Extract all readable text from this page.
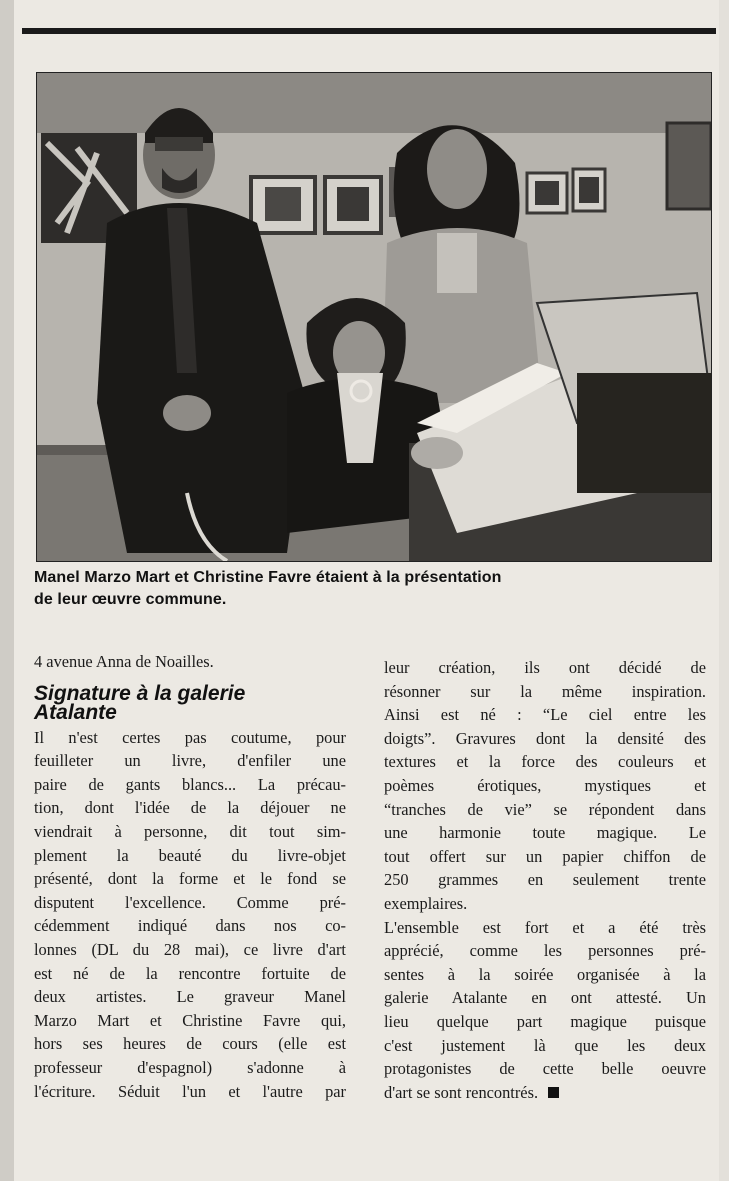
Manel Marzo Mart et Christine Favre étaient à la présentation
de leur œuvre commune.
4 avenue Anna de Noailles.
Signature à la galerie
Atalante
Il n'est certes pas coutume, pour
feuilleter un livre, d'enfiler une
paire de gants blancs... La précau-
tion, dont l'idée de la déjouer ne
viendrait à personne, dit tout sim-
plement la beauté du livre-objet
présenté, dont la forme et le fond se
disputent l'excellence. Comme pré-
cédemment indiqué dans nos co-
lonnes (DL du 28 mai), ce livre d'art
est né de la rencontre fortuite de
deux artistes. Le graveur Manel
Marzo Mart et Christine Favre qui,
hors ses heures de cours (elle est
professeur d'espagnol) s'adonne à
l'écriture. Séduit l'un et l'autre par
leur création, ils ont décidé de
résonner sur la même inspiration.
Ainsi est né : “Le ciel entre les
doigts”. Gravures dont la densité des
textures et la force des couleurs et
poèmes érotiques, mystiques et
“tranches de vie” se répondent dans
une harmonie toute magique. Le
tout offert sur un papier chiffon de
250 grammes en seulement trente
exemplaires.
L'ensemble est fort et a été très
apprécié, comme les personnes pré-
sentes à la soirée organisée à la
galerie Atalante en ont attesté. Un
lieu quelque part magique puisque
c'est justement là que les deux
protagonistes de cette belle oeuvre
d'art se sont rencontrés.
